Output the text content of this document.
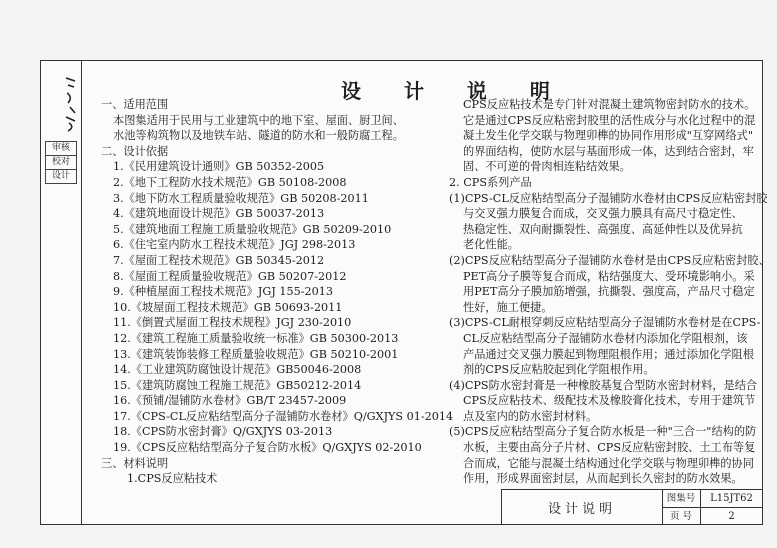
审核
校对
设计
设 计 说 明
一、适用范围
本图集适用于民用与工业建筑中的地下室、屋面、厨卫间、
水池等构筑物以及地铁车站、隧道的防水和一般防腐工程。
二、设计依据
1.《民用建筑设计通则》GB 50352-2005
2.《地下工程防水技术规范》GB 50108-2008
3.《地下防水工程质量验收规范》GB 50208-2011
4.《建筑地面设计规范》GB 50037-2013
5.《建筑地面工程施工质量验收规范》GB 50209-2010
6.《住宅室内防水工程技术规范》JGJ 298-2013
7.《屋面工程技术规范》GB 50345-2012
8.《屋面工程质量验收规范》GB 50207-2012
9.《种植屋面工程技术规范》JGJ 155-2013
10.《坡屋面工程技术规范》GB 50693-2011
11.《倒置式屋面工程技术规程》JGJ 230-2010
12.《建筑工程施工质量验收统一标准》GB 50300-2013
13.《建筑装饰装修工程质量验收规范》GB 50210-2001
14.《工业建筑防腐蚀设计规范》GB50046-2008
15.《建筑防腐蚀工程施工规范》GB50212-2014
16.《预铺/湿铺防水卷材》GB/T 23457-2009
17.《CPS-CL反应粘结型高分子湿铺防水卷材》Q/GXJYS 01-2014
18.《CPS防水密封膏》Q/GXJYS 03-2013
19.《CPS反应粘结型高分子复合防水板》Q/GXJYS 02-2010
三、材料说明
1.CPS反应粘技术
CPS反应粘技术是专门针对混凝土建筑物密封防水的技术。
它是通过CPS反应粘密封胶里的活性成分与水化过程中的混
凝土发生化学交联与物理卯榫的协同作用形成"互穿网络式"
的界面结构，使防水层与基面形成一体，达到结合密封，牢
固、不可逆的骨肉相连粘结效果。
2. CPS系列产品
(1)CPS-CL反应粘结型高分子湿铺防水卷材由CPS反应粘密封胶
与交叉强力膜复合而成，交叉强力膜具有高尺寸稳定性、
热稳定性、双向耐撕裂性、高强度、高延伸性以及优异抗
老化性能。
(2)CPS反应粘结型高分子湿铺防水卷材是由CPS反应粘密封胶、
PET高分子膜等复合而成，粘结强度大、受环境影响小。采
用PET高分子膜加筋增强，抗撕裂、强度高，产品尺寸稳定
性好，施工便捷。
(3)CPS-CL耐根穿刺反应粘结型高分子湿铺防水卷材是在CPS-
CL反应粘结型高分子湿铺防水卷材内添加化学阻根剂，该
产品通过交叉强力膜起到物理阻根作用；通过添加化学阻根
剂的CPS反应粘胶起到化学阻根作用。
(4)CPS防水密封膏是一种橡胶基复合型防水密封材料，是结合
CPS反应粘技术、级配技术及橡胶膏化技术，专用于建筑节
点及室内的防水密封材料。
(5)CPS反应粘结型高分子复合防水板是一种"三合一"结构的防
水板，主要由高分子片材、CPS反应粘密封胶、土工布等复
合而成，它能与混凝土结构通过化学交联与物理卯榫的协同
作用，形成界面密封层，从而起到长久密封的防水效果。
设计说明
图集号	L15JT62
页 号	2
